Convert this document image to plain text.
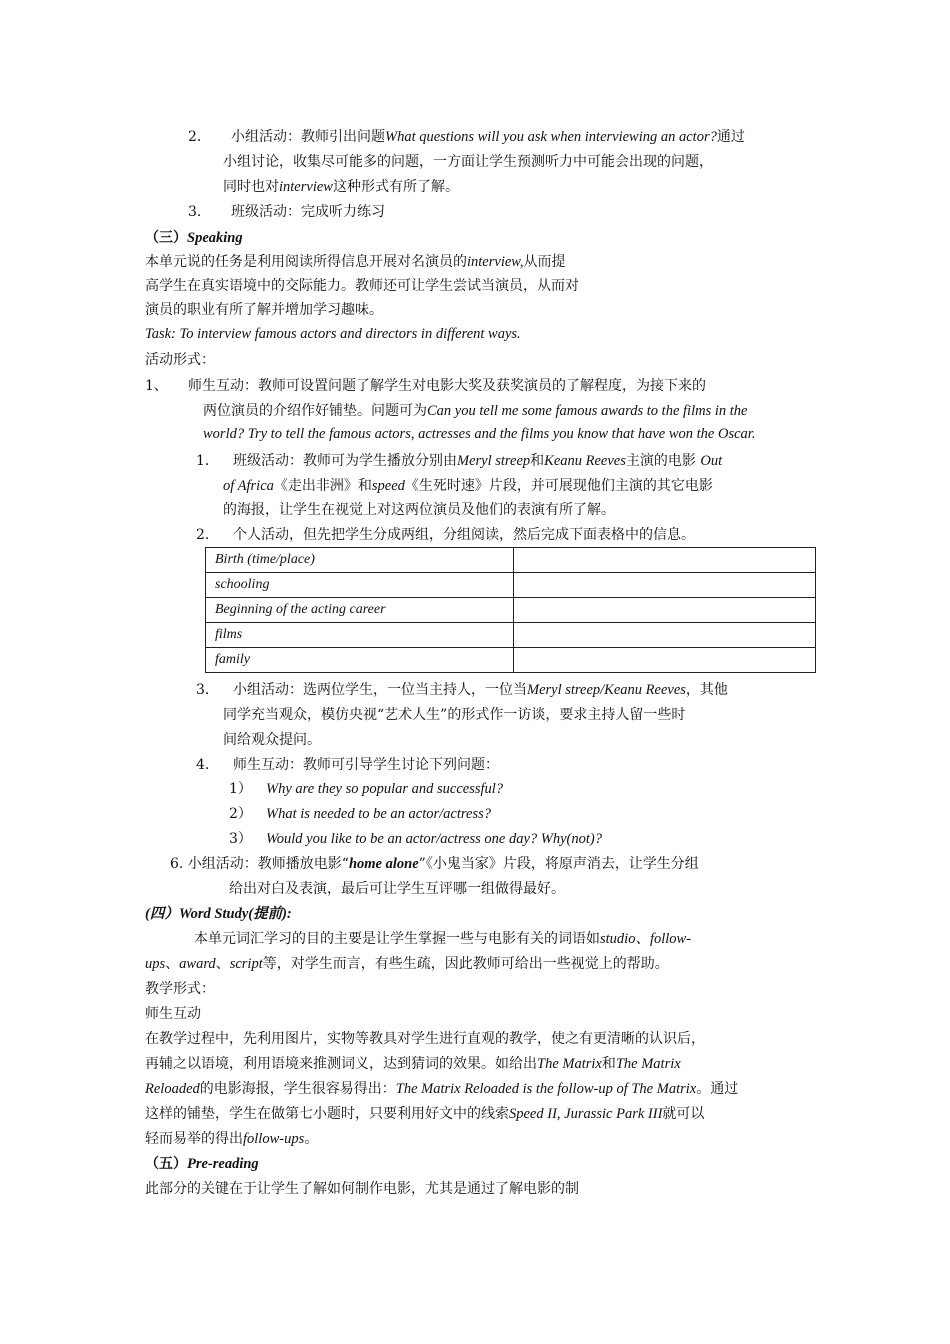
2． 小组活动：教师引出问题What questions will you ask when interviewing an actor?通过
小组讨论，收集尽可能多的问题，一方面让学生预测听力中可能会出现的问题，
同时也对interview这种形式有所了解。
3． 班级活动：完成听力练习
（三）Speaking
本单元说的任务是利用阅读所得信息开展对名演员的interview,从而提
高学生在真实语境中的交际能力。教师还可让学生尝试当演员，从而对
演员的职业有所了解并增加学习趣味。
Task: To interview famous actors and directors in different ways.
活动形式：
1、 师生互动：教师可设置问题了解学生对电影大奖及获奖演员的了解程度，为接下来的
两位演员的介绍作好铺垫。问题可为Can you tell me some famous awards to the films in the
world? Try to tell the famous actors, actresses and the films you know that have won the Oscar.
1． 班级活动：教师可为学生播放分别由Meryl streep和Keanu Reeves主演的电影 Out
of Africa《走出非洲》和speed《生死时速》片段，并可展现他们主演的其它电影
的海报，让学生在视觉上对这两位演员及他们的表演有所了解。
2． 个人活动，但先把学生分成两组，分组阅读，然后完成下面表格中的信息。
Birth (time/place)	
schooling	
Beginning of the acting career	
films	
family	
3． 小组活动：选两位学生，一位当主持人，一位当Meryl streep/Keanu Reeves，其他
同学充当观众，模仿央视“艺术人生”的形式作一访谈，要求主持人留一些时
间给观众提问。
4． 师生互动：教师可引导学生讨论下列问题：
1） Why are they so popular and successful?
2） What is needed to be an actor/actress?
3） Would you like to be an actor/actress one day? Why(not)?
6. 小组活动：教师播放电影“home alone”《小鬼当家》片段，将原声消去，让学生分组
给出对白及表演，最后可让学生互评哪一组做得最好。
(四）Word Study(提前):
本单元词汇学习的目的主要是让学生掌握一些与电影有关的词语如studio、follow-
ups、award、script等，对学生而言，有些生疏，因此教师可给出一些视觉上的帮助。
教学形式：
师生互动
在教学过程中，先利用图片，实物等教具对学生进行直观的教学，使之有更清晰的认识后，
再辅之以语境，利用语境来推测词义，达到猜词的效果。如给出The Matrix和The Matrix
Reloaded的电影海报，学生很容易得出：The Matrix Reloaded is the follow-up of The Matrix。通过
这样的铺垫，学生在做第七小题时，只要利用好文中的线索Speed II, Jurassic Park III就可以
轻而易举的得出follow-ups。
（五）Pre-reading
此部分的关键在于让学生了解如何制作电影，尤其是通过了解电影的制
